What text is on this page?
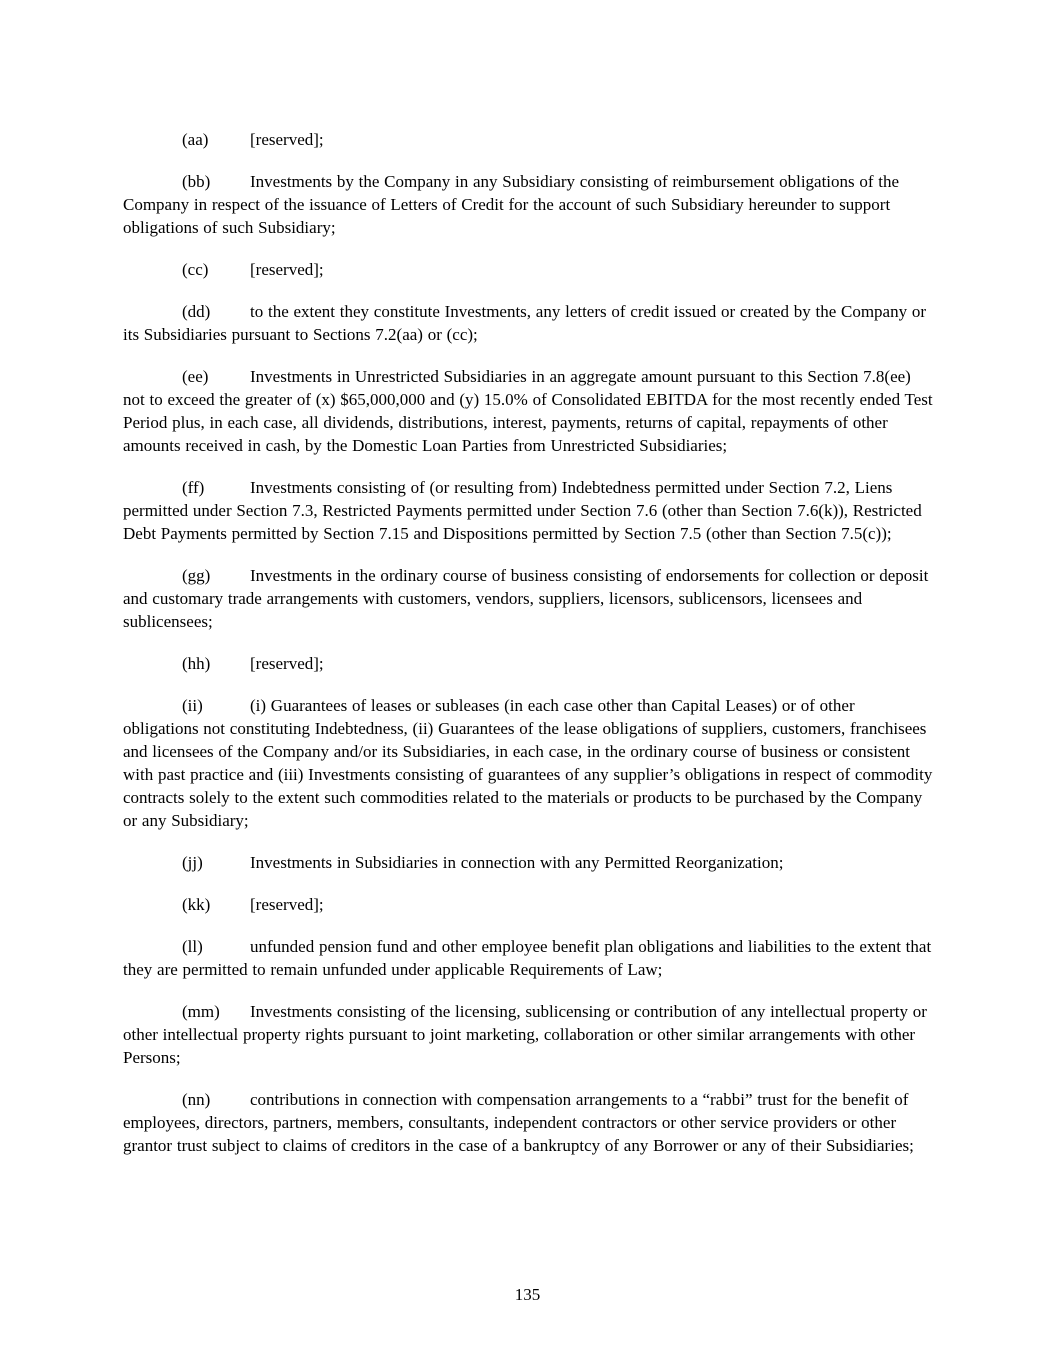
(aa) [reserved];

(bb) Investments by the Company in any Subsidiary consisting of reimbursement obligations of the Company in respect of the issuance of Letters of Credit for the account of such Subsidiary hereunder to support obligations of such Subsidiary;

(cc) [reserved];

(dd) to the extent they constitute Investments, any letters of credit issued or created by the Company or its Subsidiaries pursuant to Sections 7.2(aa) or (cc);

(ee) Investments in Unrestricted Subsidiaries in an aggregate amount pursuant to this Section 7.8(ee) not to exceed the greater of (x) $65,000,000 and (y) 15.0% of Consolidated EBITDA for the most recently ended Test Period plus, in each case, all dividends, distributions, interest, payments, returns of capital, repayments of other amounts received in cash, by the Domestic Loan Parties from Unrestricted Subsidiaries;

(ff)	Investments consisting of (or resulting from) Indebtedness permitted under Section 7.2, Liens permitted under Section 7.3, Restricted Payments permitted under Section 7.6 (other than Section 7.6(k)), Restricted Debt Payments permitted by Section 7.15 and Dispositions permitted by Section 7.5 (other than Section 7.5(c));

(gg) Investments in the ordinary course of business consisting of endorsements for collection or deposit and customary trade arrangements with customers, vendors, suppliers, licensors, sublicensors, licensees and sublicensees;

(hh) [reserved];

(ii)	(i) Guarantees of leases or subleases (in each case other than Capital Leases) or of other obligations not constituting Indebtedness, (ii) Guarantees of the lease obligations of suppliers, customers, franchisees and licensees of the Company and/or its Subsidiaries, in each case, in the ordinary course of business or consistent with past practice and (iii) Investments consisting of guarantees of any supplier’s obligations in respect of commodity contracts solely to the extent such commodities related to the materials or products to be purchased by the Company or any Subsidiary;

(jj)	Investments in Subsidiaries in connection with any Permitted Reorganization;

(kk) [reserved];

(ll)	unfunded pension fund and other employee benefit plan obligations and liabilities to the extent that they are permitted to remain unfunded under applicable Requirements of Law;

(mm) Investments consisting of the licensing, sublicensing or contribution of any intellectual property or other intellectual property rights pursuant to joint marketing, collaboration or other similar arrangements with other Persons;

(nn) contributions in connection with compensation arrangements to a “rabbi” trust for the benefit of employees, directors, partners, members, consultants, independent contractors or other service providers or other grantor trust subject to claims of creditors in the case of a bankruptcy of any Borrower or any of their Subsidiaries;

135
